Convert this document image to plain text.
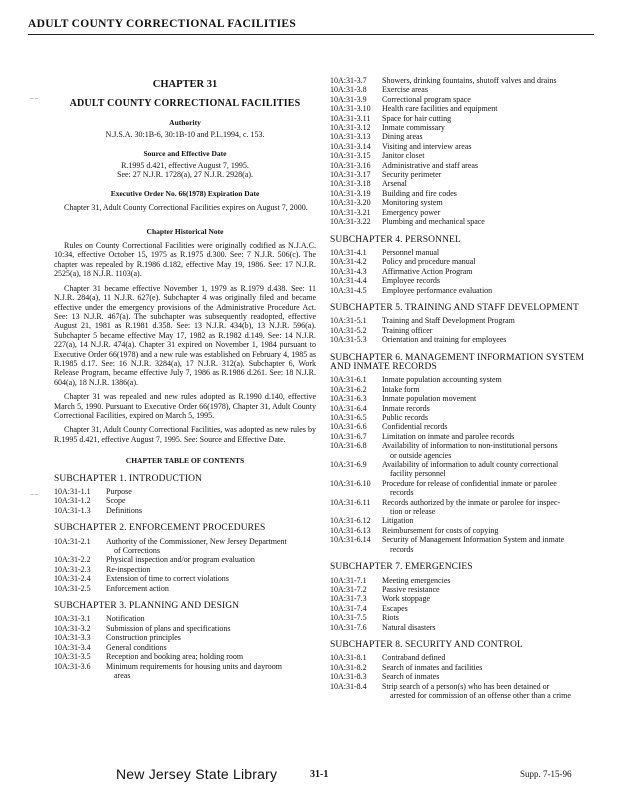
ADULT COUNTY CORRECTIONAL FACILITIES
⁻⁻
⁻⁻
CHAPTER 31
ADULT COUNTY CORRECTIONAL FACILITIES
Authority
N.J.S.A. 30:1B-6, 30:1B-10 and P.L.1994, c. 153.
Source and Effective Date
R.1995 d.421, effective August 7, 1995.
See: 27 N.J.R. 1728(a), 27 N.J.R. 2928(a).
Executive Order No. 66(1978) Expiration Date
Chapter 31, Adult County Correctional Facilities expires on August 7, 2000.
Chapter Historical Note
Rules on County Correctional Facilities were originally codified as N.J.A.C. 10:34, effective October 15, 1975 as R.1975 d.300. See: 7 N.J.R. 506(c). The chapter was repealed by R.1986 d.182, effective May 19, 1986. See: 17 N.J.R. 2525(a), 18 N.J.R. 1103(a).
Chapter 31 became effective November 1, 1979 as R.1979 d.438. See: 11 N.J.R. 284(a), 11 N.J.R. 627(e). Subchapter 4 was originally filed and became effective under the emergency provisions of the Administrative Procedure Act. See: 13 N.J.R. 467(a). The subchapter was subsequently readopted, effective August 21, 1981 as R.1981 d.358. See: 13 N.J.R. 434(b), 13 N.J.R. 596(a). Subchapter 5 became effective May 17, 1982 as R.1982 d.149. See: 14 N.J.R. 227(a), 14 N.J.R. 474(a). Chapter 31 expired on November 1, 1984 pursuant to Executive Order 66(1978) and a new rule was established on February 4, 1985 as R.1985 d.17. See: 16 N.J.R. 3284(a), 17 N.J.R. 312(a). Subchapter 6, Work Release Program, became effective July 7, 1986 as R.1986 d.261. See: 18 N.J.R. 604(a), 18 N.J.R. 1386(a).
Chapter 31 was repealed and new rules adopted as R.1990 d.140, effective March 5, 1990. Pursuant to Executive Order 66(1978), Chapter 31, Adult County Correctional Facilities, expired on March 5, 1995.
Chapter 31, Adult County Correctional Facilities, was adopted as new rules by R.1995 d.421, effective August 7, 1995. See: Source and Effective Date.
CHAPTER TABLE OF CONTENTS
SUBCHAPTER 1. INTRODUCTION
10A:31-1.1	Purpose
10A:31-1.2	Scope
10A:31-1.3	Definitions
SUBCHAPTER 2. ENFORCEMENT PROCEDURES
10A:31-2.1	Authority of the Commissioner, New Jersey Department
of Corrections
10A:31-2.2	Physical inspection and/or program evaluation
10A:31-2.3	Re-inspection
10A:31-2.4	Extension of time to correct violations
10A:31-2.5	Enforcement action
SUBCHAPTER 3. PLANNING AND DESIGN
10A:31-3.1	Notification
10A:31-3.2	Submission of plans and specifications
10A:31-3.3	Construction principles
10A:31-3.4	General conditions
10A:31-3.5	Reception and booking area; holding room
10A:31-3.6	Minimum requirements for housing units and dayroom
areas
10A:31-3.7	Showers, drinking fountains, shutoff valves and drains
10A:31-3.8	Exercise areas
10A:31-3.9	Correctional program space
10A:31-3.10	Health care facilities and equipment
10A:31-3.11	Space for hair cutting
10A:31-3.12	Inmate commissary
10A:31-3.13	Dining areas
10A:31-3.14	Visiting and interview areas
10A:31-3.15	Janitor closet
10A:31-3.16	Administrative and staff areas
10A:31-3.17	Security perimeter
10A:31-3.18	Arsenal
10A:31-3.19	Building and fire codes
10A:31-3.20	Monitoring system
10A:31-3.21	Emergency power
10A:31-3.22	Plumbing and mechanical space
SUBCHAPTER 4. PERSONNEL
10A:31-4.1	Personnel manual
10A:31-4.2	Policy and procedure manual
10A:31-4.3	Affirmative Action Program
10A:31-4.4	Employee records
10A:31-4.5	Employee performance evaluation
SUBCHAPTER 5. TRAINING AND STAFF DEVELOPMENT
10A:31-5.1	Training and Staff Development Program
10A:31-5.2	Training officer
10A:31-5.3	Orientation and training for employees
SUBCHAPTER 6. MANAGEMENT INFORMATION SYSTEM AND INMATE RECORDS
10A:31-6.1	Inmate population accounting system
10A:31-6.2	Intake form
10A:31-6.3	Inmate population movement
10A:31-6.4	Inmate records
10A:31-6.5	Public records
10A:31-6.6	Confidential records
10A:31-6.7	Limitation on inmate and parolee records
10A:31-6.8	Availability of information to non-institutional persons
or outside agencies
10A:31-6.9	Availability of information to adult county correctional
facility personnel
10A:31-6.10	Procedure for release of confidential inmate or parolee
records
10A:31-6.11	Records authorized by the inmate or parolee for inspec-
tion or release
10A:31-6.12	Litigation
10A:31-6.13	Reimbursement for costs of copying
10A:31-6.14	Security of Management Information System and inmate
records
SUBCHAPTER 7. EMERGENCIES
10A:31-7.1	Meeting emergencies
10A:31-7.2	Passive resistance
10A:31-7.3	Work stoppage
10A:31-7.4	Escapes
10A:31-7.5	Riots
10A:31-7.6	Natural disasters
SUBCHAPTER 8. SECURITY AND CONTROL
10A:31-8.1	Contraband defined
10A:31-8.2	Search of inmates and facilities
10A:31-8.3	Search of inmates
10A:31-8.4	Strip search of a person(s) who has been detained or
arrested for commission of an offense other than a crime
New Jersey State Library	31-1	Supp. 7-15-96
